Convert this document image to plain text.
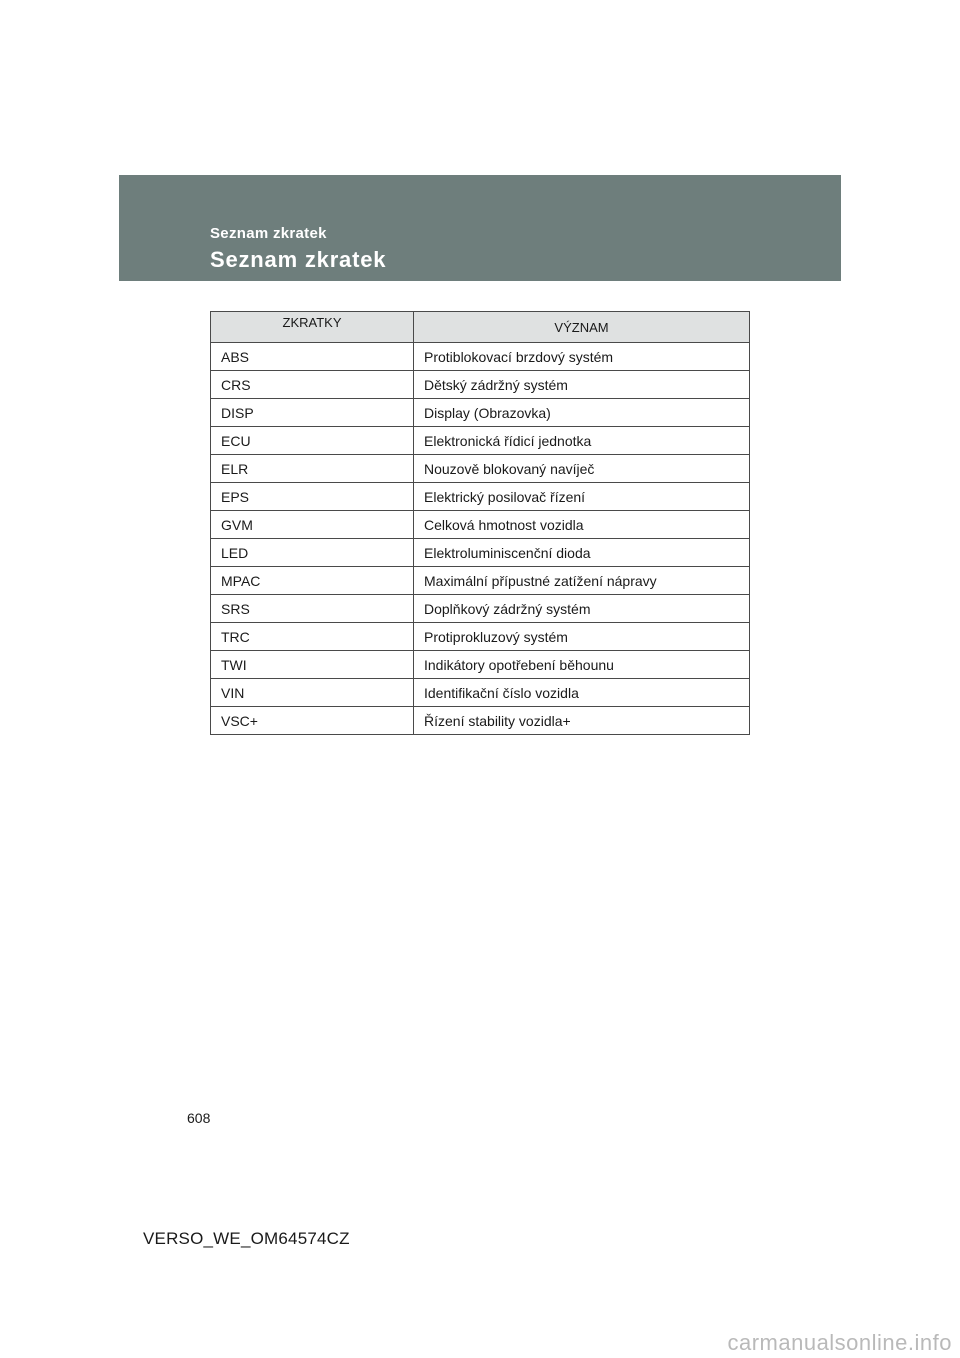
Seznam zkratek
Seznam zkratek
ZKRATKY	VÝZNAM
ABS	Protiblokovací brzdový systém
CRS	Dětský zádržný systém
DISP	Display (Obrazovka)
ECU	Elektronická řídicí jednotka
ELR	Nouzově blokovaný navíječ
EPS	Elektrický posilovač řízení
GVM	Celková hmotnost vozidla
LED	Elektroluminiscenční dioda
MPAC	Maximální přípustné zatížení nápravy
SRS	Doplňkový zádržný systém
TRC	Protiprokluzový systém
TWI	Indikátory opotřebení běhounu
VIN	Identifikační číslo vozidla
VSC+	Řízení stability vozidla+
608
VERSO_WE_OM64574CZ
carmanualsonline.info
